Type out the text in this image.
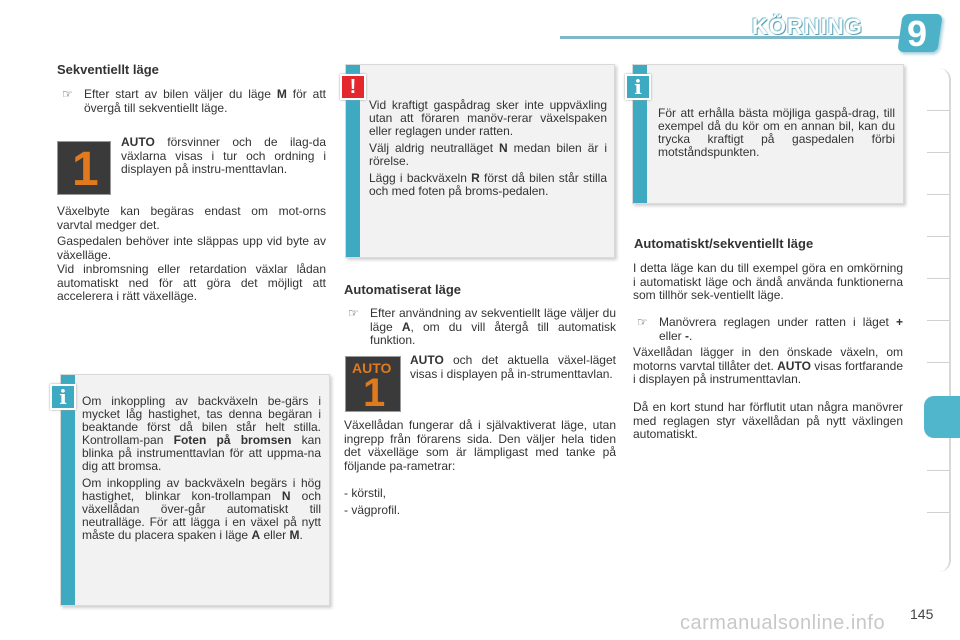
KÖRNING 9
Sekventiellt läge
☞ Efter start av bilen väljer du läge M för att övergå till sekventiellt läge.
1
AUTO försvinner och de ilag-da växlarna visas i tur och ordning i displayen på instru-menttavlan.
Växelbyte kan begäras endast om mot-orns varvtal medger det.
Gaspedalen behöver inte släppas upp vid byte av växelläge.
Vid inbromsning eller retardation växlar lådan automatiskt ned för att göra det möjligt att accelerera i rätt växelläge.
i	Om inkoppling av backväxeln be-gärs i mycket låg hastighet, tas denna begäran i beaktande först då bilen står helt stilla. Kontrollam-pan Foten på bromsen kan blinka på instrumenttavlan för att uppma-na dig att bromsa.

Om inkoppling av backväxeln begärs i hög hastighet, blinkar kon-trollampan N och växellådan över-går automatiskt till neutralläge. För att lägga i en växel på nytt måste du placera spaken i läge A eller M.

!

Vid kraftigt gaspådrag sker inte uppväxling utan att föraren manöv-rerar växelspaken eller reglagen under ratten.

Välj aldrig neutralläget N medan bilen är i rörelse.

Lägg i backväxeln R först då bilen står stilla och med foten på broms-pedalen.

Automatiserat läge
☞ Efter användning av sekventiellt läge väljer du läge A, om du vill återgå till automatisk funktion.
AUTO
1
AUTO och det aktuella växel-läget visas i displayen på in-strumenttavlan.
Växellådan fungerar då i självaktiverat läge, utan ingrepp från förarens sida. Den väljer hela tiden det växelläge som är lämpligast med tanke på följande pa-rametrar:
- körstil,
- vägprofil.
i
För att erhålla bästa möjliga gaspå-drag, till exempel då du kör om en annan bil, kan du trycka kraftigt på gaspedalen förbi motståndspunkten.
Automatiskt/sekventiellt läge
I detta läge kan du till exempel göra en omkörning i automatiskt läge och ändå använda funktionerna som tillhör sek-ventiellt läge.
☞ Manövrera reglagen under ratten i läget + eller -.
Växellådan lägger in den önskade växeln, om motorns varvtal tillåter det. AUTO visas fortfarande i displayen på instrumenttavlan.
Då en kort stund har förflutit utan några manövrer med reglagen styr växellådan på nytt växlingen automatiskt.
carmanualsonline.info 145
